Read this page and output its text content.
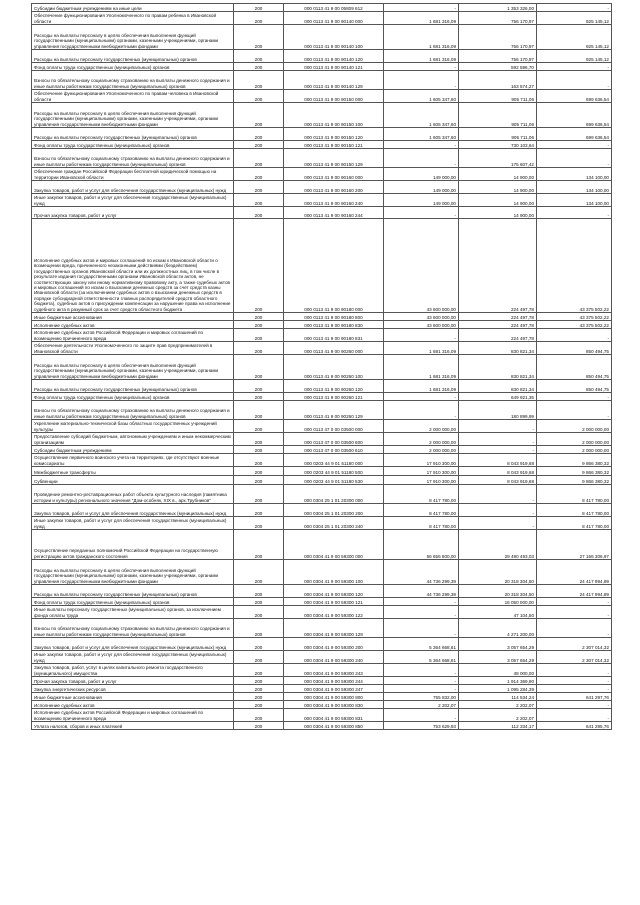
Субсидии бюджетным учреждениям на иные цели	200	000 0113 41 9 00 05809 612	-	1 353 326,00	-
Обеспечение функционирования Уполномоченного по правам ребенка в Ивановской области	200	000 0113 41 9 00 90140 000	1 681 316,09	756 170,97	925 145,12
Расходы на выплаты персоналу в целях обеспечения выполнения функций государственными (муниципальными) органами, казенными учреждениями, органами управления государственными внебюджетными фондами	200	000 0113 41 9 00 90140 100	1 681 316,09	756 170,97	925 145,12
Расходы на выплаты персоналу государственных (муниципальных) органов	200	000 0113 41 9 00 90140 120	1 681 316,09	756 170,97	925 145,12
Фонд оплаты труда государственных (муниципальных) органов	200	000 0113 41 9 00 90140 121	-	592 596,70	-
Взносы по обязательному социальному страхованию на выплаты денежного содержания и иные выплаты работникам государственных (муниципальных) органов	200	000 0113 41 9 00 90140 129	-	163 574,27	-
Обеспечение функционирования Уполномоченного по правам человека в Ивановской области	200	000 0113 41 9 00 90150 000	1 605 347,60	905 711,06	699 636,54
Расходы на выплаты персоналу в целях обеспечения выполнения функций государственными (муниципальными) органами, казенными учреждениями, органами управления государственными внебюджетными фондами	200	000 0113 41 9 00 90150 100	1 605 347,60	905 711,06	699 636,54
Расходы на выплаты персоналу государственных (муниципальных) органов	200	000 0113 41 9 00 90150 120	1 605 347,60	905 711,06	699 636,54
Фонд оплаты труда государственных (муниципальных) органов	200	000 0113 41 9 00 90150 121	-	730 103,64	-
Взносы по обязательному социальному страхованию на выплаты денежного содержания и иные выплаты работникам государственных (муниципальных) органов	200	000 0113 41 9 00 90150 129	-	175 607,42	-
Обеспечение граждан Российской Федерации бесплатной юридической помощью на территории Ивановской области	200	000 0113 41 9 00 90160 000	149 000,00	14 900,00	134 100,00
Закупка товаров, работ и услуг для обеспечения государственных (муниципальных) нужд	200	000 0113 41 9 00 90160 200	149 000,00	14 900,00	134 100,00
Иные закупки товаров, работ и услуг для обеспечения государственных (муниципальных) нужд	200	000 0113 41 9 00 90160 240	149 000,00	14 900,00	134 100,00
Прочая закупка товаров, работ и услуг	200	000 0113 41 9 00 90160 244	-	14 900,00	-
Исполнение судебных актов и мировых соглашений по искам к Ивановской области о возмещении вреда, причиненного незаконными действиями (бездействием) государственных органов Ивановской области или их должностных лиц, в том числе в результате издания государственными органами Ивановской области актов, не соответствующих закону или иному нормативному правовому акту, а также судебных актов и мировых соглашений по искам о взыскании денежных средств за счет средств казны Ивановской области (за исключением судебных актов о взыскании денежных средств в порядке субсидиарной ответственности главных распорядителей средств областного бюджета), судебных актов о присуждении компенсации за нарушение права на исполнение судебного акта в разумный срок за счет средств областного бюджета	200	000 0113 41 9 00 90180 000	43 600 000,00	224 497,78	43 375 502,22
Иные бюджетные ассигнования	200	000 0113 41 9 00 90180 800	43 600 000,00	224 497,78	43 375 502,22
Исполнение судебных актов	200	000 0113 41 9 00 90180 830	43 600 000,00	224 497,78	43 375 502,22
Исполнение судебных актов Российской Федерации и мировых соглашений по возмещению причиненного вреда	200	000 0113 41 9 00 90180 831	-	224 497,78	-
Обеспечение деятельности Уполномоченного по защите прав предпринимателей в Ивановской области	200	000 0113 41 9 00 90260 000	1 681 316,09	830 821,34	850 494,75
Расходы на выплаты персоналу в целях обеспечения выполнения функций государственными (муниципальными) органами, казенными учреждениями, органами управления государственными внебюджетными фондами	200	000 0113 41 9 00 90260 100	1 681 316,09	830 821,34	850 494,75
Расходы на выплаты персоналу государственных (муниципальных) органов	200	000 0113 41 9 00 90260 120	1 681 316,09	830 821,34	850 494,75
Фонд оплаты труда государственных (муниципальных) органов	200	000 0113 41 9 00 90260 121	-	649 921,35	-
Взносы по обязательному социальному страхованию на выплаты денежного содержания и иные выплаты работникам государственных (муниципальных) органов	200	000 0113 41 9 00 90260 129	-	180 899,99	-
Укрепление материально-технической базы областных государственных учреждений культуры	200	000 0113 47 0 00 03500 000	2 000 000,00	-	2 000 000,00
Предоставление субсидий бюджетным, автономным учреждениям и иным некоммерческим организациям	200	000 0113 47 0 00 03500 600	2 000 000,00	-	2 000 000,00
Субсидии бюджетным учреждениям	200	000 0113 47 0 00 03500 610	2 000 000,00	-	2 000 000,00
Осуществление первичного воинского учета на территориях, где отсутствуют военные комиссариаты	200	000 0203 44 9 01 51180 000	17 910 300,00	8 043 919,68	9 866 380,32
Межбюджетные трансферты	200	000 0203 44 9 01 51180 500	17 910 300,00	8 043 919,68	9 866 380,32
Субвенции	200	000 0203 44 9 01 51180 530	17 910 300,00	8 043 919,68	9 866 380,32
Проведение ремонтно-реставрационных работ объекта культурного наследия (памятника истории и культуры) регионального значения "Дом-особняк, XIX в., арх.Трубников"	200	000 0304 25 1 01 20300 000	8 417 780,00	-	8 417 780,00
Закупка товаров, работ и услуг для обеспечения государственных (муниципальных) нужд	200	000 0304 25 1 01 20300 200	8 417 780,00	-	8 417 780,00
Иные закупки товаров, работ и услуг для обеспечения государственных (муниципальных) нужд	200	000 0304 25 1 01 20300 240	8 417 780,00	-	8 417 780,00
Осуществление переданных полномочий Российской Федерации на государственную регистрацию актов гражданского состояния	200	000 0304 41 9 00 59300 000	56 656 800,00	29 490 493,03	27 166 306,97
Расходы на выплаты персоналу в целях обеспечения выполнения функций государственными (муниципальными) органами, казенными учреждениями, органами управления государственными внебюджетными фондами	200	000 0304 41 9 00 59300 100	44 736 299,39	20 318 304,50	24 417 994,89
Расходы на выплаты персоналу государственных (муниципальных) органов	200	000 0304 41 9 00 59300 120	44 736 299,39	20 318 304,50	24 417 994,89
Фонд оплаты труда государственных (муниципальных) органов	200	000 0304 41 9 00 59300 121	-	16 050 000,00	-
Иные выплаты персоналу государственных (муниципальных) органов, за исключением фонда оплаты труда	200	000 0304 41 9 00 59300 122	-	47 104,50	-
Взносы по обязательному социальному страхованию на выплаты денежного содержания и иные выплаты работникам государственных (муниципальных) органов	200	000 0304 41 9 00 59300 129	-	4 271 200,00	-
Закупка товаров, работ и услуг для обеспечения государственных (муниципальных) нужд	200	000 0304 41 9 00 59300 200	5 364 668,61	3 057 654,29	2 307 014,32
Иные закупки товаров, работ и услуг для обеспечения государственных (муниципальных) нужд	200	000 0304 41 9 00 59300 240	5 364 668,61	3 057 654,29	2 307 014,32
Закупка товаров, работ, услуг в целях капитального ремонта государственного (муниципального) имущества	200	000 0304 41 9 00 59300 243	-	48 000,00	-
Прочая закупка товаров, работ и услуг	200	000 0304 41 9 00 59300 244	-	1 914 369,90	-
Закупка энергетических ресурсов	200	000 0304 41 9 00 59300 247	-	1 095 284,39	-
Иные бюджетные ассигнования	200	000 0304 41 9 00 59300 800	755 832,00	114 534,24	641 297,76
Исполнение судебных актов	200	000 0304 41 9 00 59300 830	2 202,07	2 202,07	-
Исполнение судебных актов Российской Федерации и мировых соглашений по возмещению причиненного вреда	200	000 0304 41 9 00 59300 831	-	2 202,07	-
Уплата налогов, сборов и иных платежей	200	000 0304 41 9 00 59300 850	753 629,93	112 334,17	641 295,76
